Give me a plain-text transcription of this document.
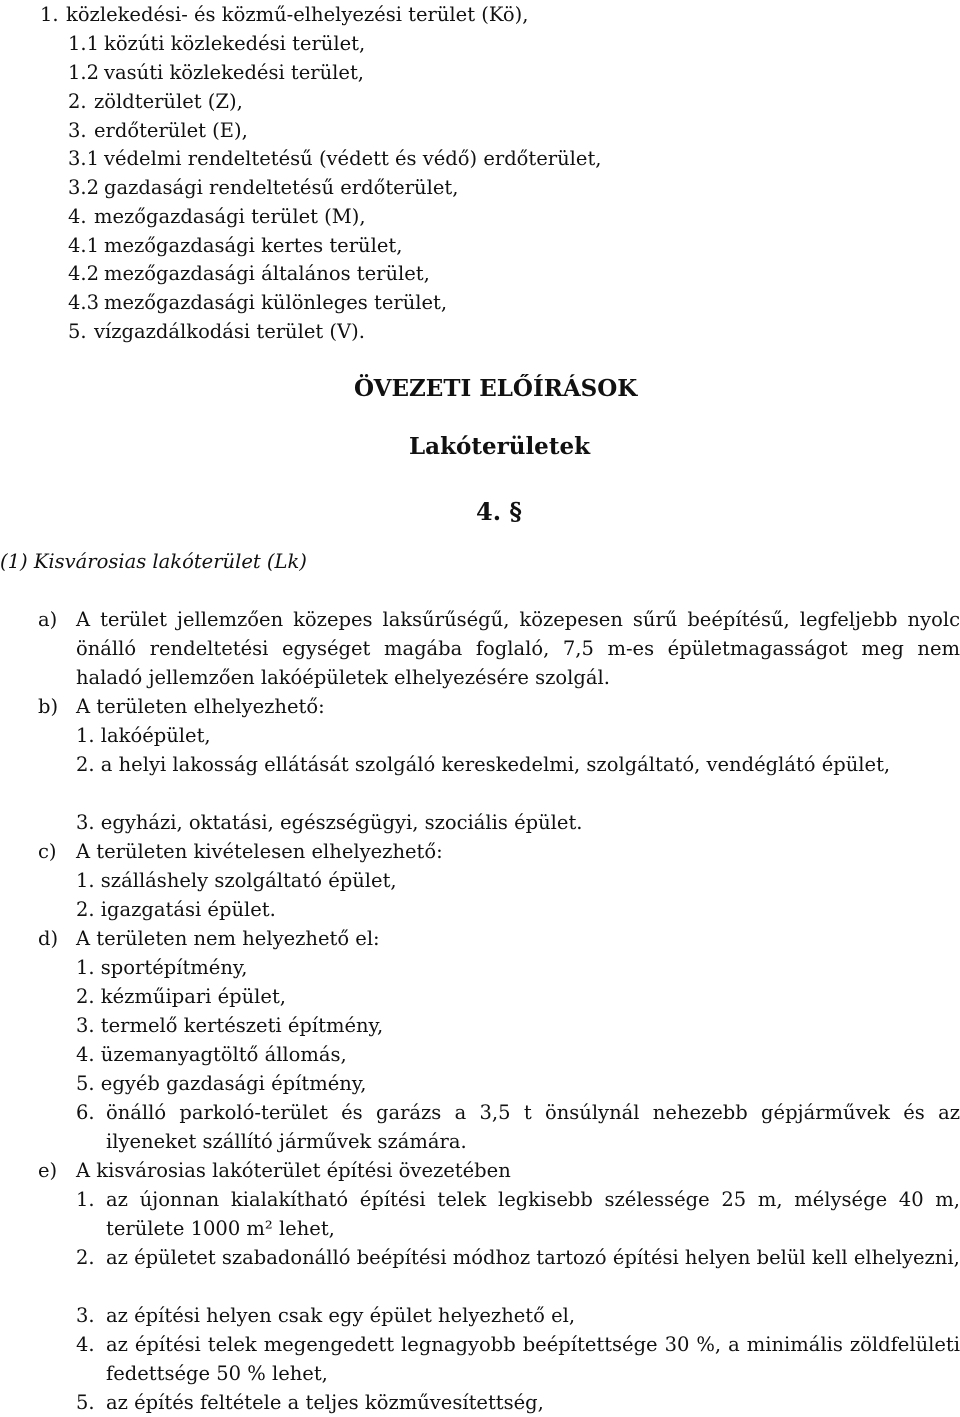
1. közlekedési- és közmű-elhelyezési terület (Kö),
1.1 közúti közlekedési terület,
1.2 vasúti közlekedési terület,
2. zöldterület (Z),
3. erdőterület (E),
3.1 védelmi rendeltetésű (védett és védő) erdőterület,
3.2 gazdasági rendeltetésű erdőterület,
4. mezőgazdasági terület (M),
4.1 mezőgazdasági kertes terület,
4.2 mezőgazdasági általános terület,
4.3 mezőgazdasági különleges terület,
5. vízgazdálkodási terület (V).
ÖVEZETI ELŐÍRÁSOK
Lakóterületek
4. §
(1) Kisvárosias lakóterület (Lk)
a) A terület jellemzően közepes laksűrűségű, közepesen sűrű beépítésű, legfeljebb nyolc önálló rendeltetési egységet magába foglaló, 7,5 m-es épületmagasságot meg nem haladó jellemzően lakóépületek elhelyezésére szolgál.
b) A területen elhelyezhető:
1. lakóépület,
2. a helyi lakosság ellátását szolgáló kereskedelmi, szolgáltató, vendéglátó épület,
3. egyházi, oktatási, egészségügyi, szociális épület.
c) A területen kivételesen elhelyezhető:
1. szálláshely szolgáltató épület,
2. igazgatási épület.
d) A területen nem helyezhető el:
1. sportépítmény,
2. kézműipari épület,
3. termelő kertészeti építmény,
4. üzemanyagtöltő állomás,
5. egyéb gazdasági építmény,
6. önálló parkoló-terület és garázs a 3,5 t önsúlynál nehezebb gépjárművek és az ilyeneket szállító járművek számára.
e) A kisvárosias lakóterület építési övezetében
1. az újonnan kialakítható építési telek legkisebb szélessége 25 m, mélysége 40 m, területe 1000 m² lehet,
2. az épületet szabadonálló beépítési módhoz tartozó építési helyen belül kell elhelyezni,
3. az építési helyen csak egy épület helyezhető el,
4. az építési telek megengedett legnagyobb beépítettsége 30 %, a minimális zöldfelületi fedettsége 50 % lehet,
5. az építés feltétele a teljes közművesítettség,
